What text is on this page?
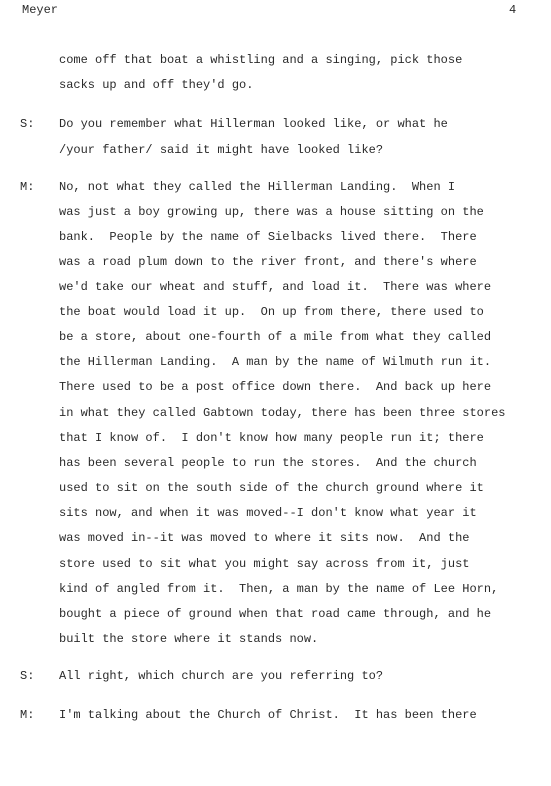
Meyer	4
come off that boat a whistling and a singing, pick those
sacks up and off they'd go.
S: Do you remember what Hillerman looked like, or what he
/your father/ said it might have looked like?
M: No, not what they called the Hillerman Landing.  When I
was just a boy growing up, there was a house sitting on the
bank.  People by the name of Sielbacks lived there.  There
was a road plum down to the river front, and there's where
we'd take our wheat and stuff, and load it.  There was where
the boat would load it up.  On up from there, there used to
be a store, about one-fourth of a mile from what they called
the Hillerman Landing.  A man by the name of Wilmuth run it.
There used to be a post office down there.  And back up here
in what they called Gabtown today, there has been three stores
that I know of.  I don't know how many people run it; there
has been several people to run the stores.  And the church
used to sit on the south side of the church ground where it
sits now, and when it was moved--I don't know what year it
was moved in--it was moved to where it sits now.  And the
store used to sit what you might say across from it, just
kind of angled from it.  Then, a man by the name of Lee Horn,
bought a piece of ground when that road came through, and he
built the store where it stands now.
S: All right, which church are you referring to?
M: I'm talking about the Church of Christ.  It has been there
